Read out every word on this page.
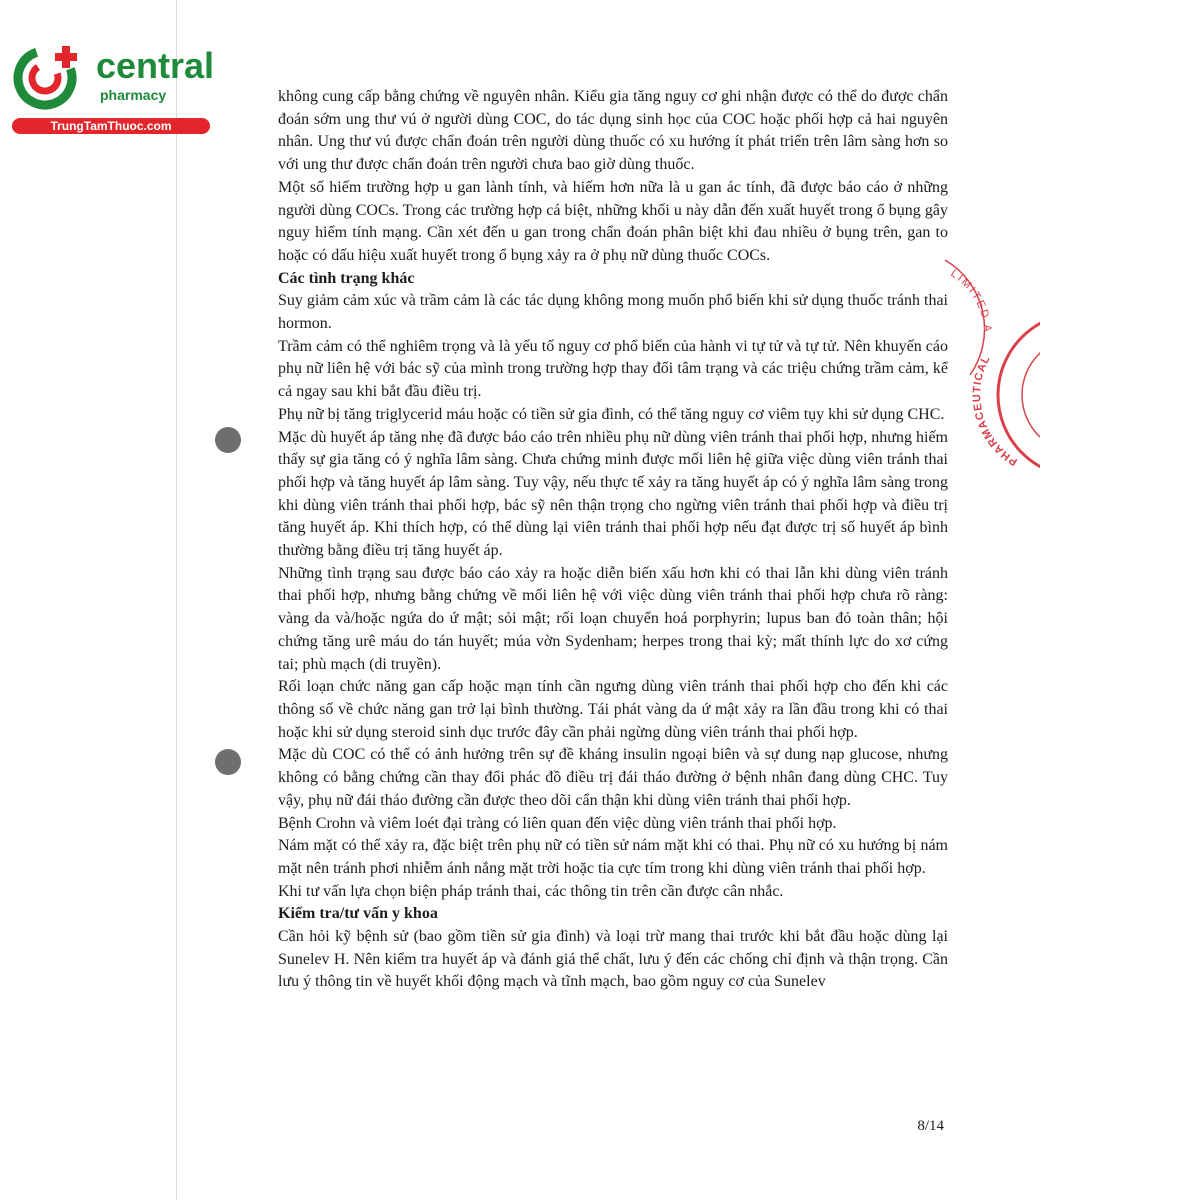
central
pharmacy
TrungTamThuoc.com

không cung cấp bằng chứng về nguyên nhân. Kiểu gia tăng nguy cơ ghi nhận được có thể do được chẩn đoán sớm ung thư vú ở người dùng COC, do tác dụng sinh học của COC hoặc phối hợp cả hai nguyên nhân. Ung thư vú được chẩn đoán trên người dùng thuốc có xu hướng ít phát triển trên lâm sàng hơn so với ung thư được chẩn đoán trên người chưa bao giờ dùng thuốc.

Một số hiếm trường hợp u gan lành tính, và hiếm hơn nữa là u gan ác tính, đã được báo cáo ở những người dùng COCs. Trong các trường hợp cá biệt, những khối u này dẫn đến xuất huyết trong ổ bụng gây nguy hiểm tính mạng. Cần xét đến u gan trong chẩn đoán phân biệt khi đau nhiều ở bụng trên, gan to hoặc có dấu hiệu xuất huyết trong ổ bụng xảy ra ở phụ nữ dùng thuốc COCs.

Các tình trạng khác

Suy giảm cảm xúc và trầm cảm là các tác dụng không mong muốn phổ biến khi sử dụng thuốc tránh thai hormon.

Trầm cảm có thể nghiêm trọng và là yếu tố nguy cơ phổ biến của hành vi tự tử và tự tử. Nên khuyến cáo phụ nữ liên hệ với bác sỹ của mình trong trường hợp thay đổi tâm trạng và các triệu chứng trầm cảm, kể cả ngay sau khi bắt đầu điều trị.

Phụ nữ bị tăng triglycerid máu hoặc có tiền sử gia đình, có thể tăng nguy cơ viêm tụy khi sử dụng CHC.

Mặc dù huyết áp tăng nhẹ đã được báo cáo trên nhiều phụ nữ dùng viên tránh thai phối hợp, nhưng hiếm thấy sự gia tăng có ý nghĩa lâm sàng. Chưa chứng minh được mối liên hệ giữa việc dùng viên tránh thai phối hợp và tăng huyết áp lâm sàng. Tuy vậy, nếu thực tế xảy ra tăng huyết áp có ý nghĩa lâm sàng trong khi dùng viên tránh thai phối hợp, bác sỹ nên thận trọng cho ngừng viên tránh thai phối hợp và điều trị tăng huyết áp. Khi thích hợp, có thể dùng lại viên tránh thai phối hợp nếu đạt được trị số huyết áp bình thường bằng điều trị tăng huyết áp.

Những tình trạng sau được báo cáo xảy ra hoặc diễn biến xấu hơn khi có thai lẫn khi dùng viên tránh thai phối hợp, nhưng bằng chứng về mối liên hệ với việc dùng viên tránh thai phối hợp chưa rõ ràng: vàng da và/hoặc ngứa do ứ mật; sỏi mật; rối loạn chuyển hoá porphyrin; lupus ban đỏ toàn thân; hội chứng tăng urê máu do tán huyết; múa vờn Sydenham; herpes trong thai kỳ; mất thính lực do xơ cứng tai; phù mạch (di truyền).

Rối loạn chức năng gan cấp hoặc mạn tính cần ngưng dùng viên tránh thai phối hợp cho đến khi các thông số về chức năng gan trở lại bình thường. Tái phát vàng da ứ mật xảy ra lần đầu trong khi có thai hoặc khi sử dụng steroid sinh dục trước đây cần phải ngừng dùng viên tránh thai phối hợp.

Mặc dù COC có thể có ảnh hưởng trên sự đề kháng insulin ngoại biên và sự dung nạp glucose, nhưng không có bằng chứng cần thay đổi phác đồ điều trị đái tháo đường ở bệnh nhân đang dùng CHC. Tuy vậy, phụ nữ đái tháo đường cần được theo dõi cẩn thận khi dùng viên tránh thai phối hợp.

Bệnh Crohn và viêm loét đại tràng có liên quan đến việc dùng viên tránh thai phối hợp.

Nám mặt có thể xảy ra, đặc biệt trên phụ nữ có tiền sử nám mặt khi có thai. Phụ nữ có xu hướng bị nám mặt nên tránh phơi nhiễm ánh nắng mặt trời hoặc tia cực tím trong khi dùng viên tránh thai phối hợp.

Khi tư vấn lựa chọn biện pháp tránh thai, các thông tin trên cần được cân nhắc.

Kiểm tra/tư vấn y khoa

Cần hỏi kỹ bệnh sử (bao gồm tiền sử gia đình) và loại trừ mang thai trước khi bắt đầu hoặc dùng lại Sunelev H. Nên kiểm tra huyết áp và đánh giá thể chất, lưu ý đến các chống chỉ định và thận trọng. Cần lưu ý thông tin về huyết khối động mạch và tĩnh mạch, bao gồm nguy cơ của Sunelev

8/14
LIMITED A
PHARMACEUTICAL
